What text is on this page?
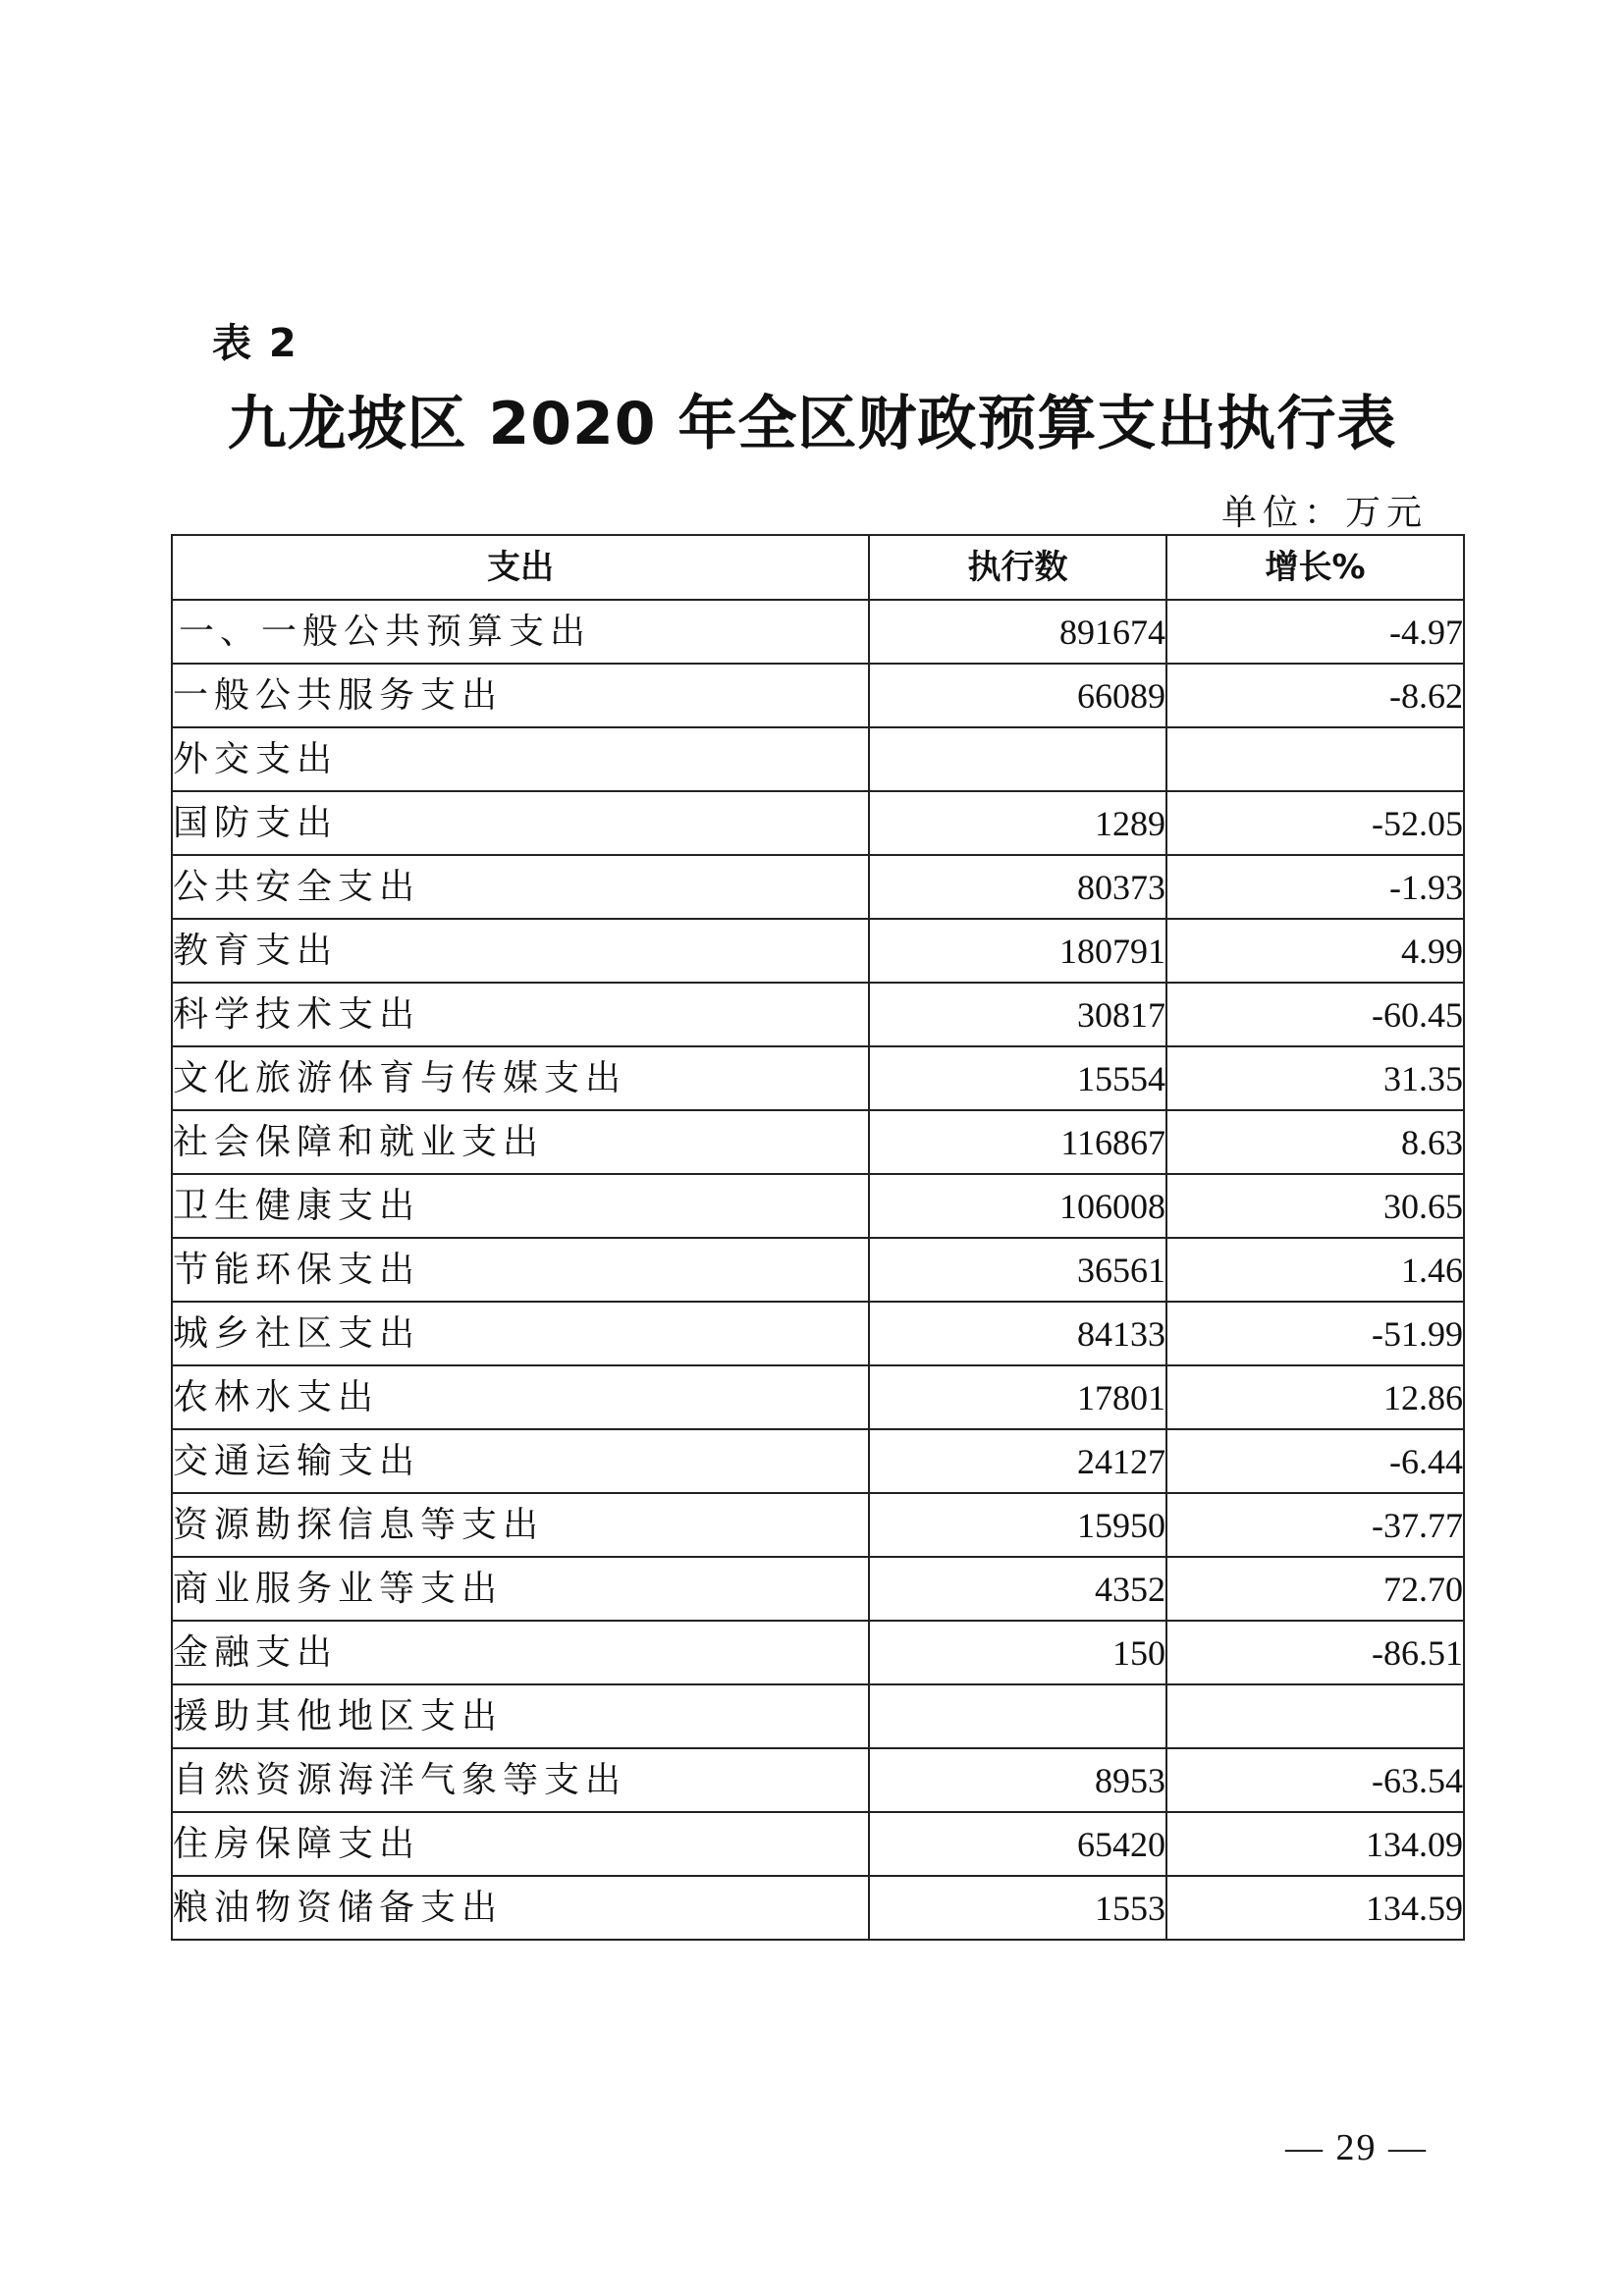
表 2
九龙坡区 2020 年全区财政预算支出执行表
单位：万元
支出	执行数	增长%
一、一般公共预算支出	891674	-4.97
一般公共服务支出	66089	-8.62
外交支出		
国防支出	1289	-52.05
公共安全支出	80373	-1.93
教育支出	180791	4.99
科学技术支出	30817	-60.45
文化旅游体育与传媒支出	15554	31.35
社会保障和就业支出	116867	8.63
卫生健康支出	106008	30.65
节能环保支出	36561	1.46
城乡社区支出	84133	-51.99
农林水支出	17801	12.86
交通运输支出	24127	-6.44
资源勘探信息等支出	15950	-37.77
商业服务业等支出	4352	72.70
金融支出	150	-86.51
援助其他地区支出		
自然资源海洋气象等支出	8953	-63.54
住房保障支出	65420	134.09
粮油物资储备支出	1553	134.59
— 29 —
